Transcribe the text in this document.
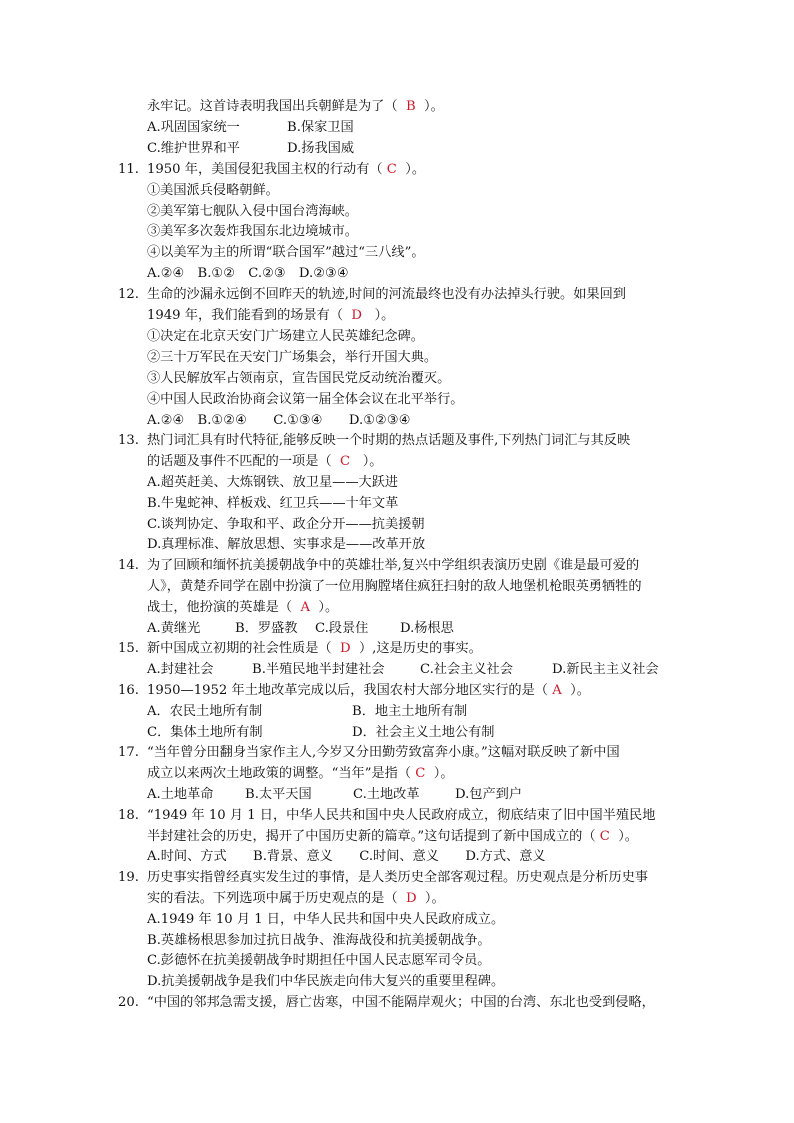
永牢记。这首诗表明我国出兵朝鲜是为了（ B ）。
A.巩固国家统一	B.保家卫国
C.维护世界和平	D.扬我国威
11. 1950 年，美国侵犯我国主权的行动有（ C ）。
①美国派兵侵略朝鲜。
②美军第七舰队入侵中国台湾海峡。
③美军多次轰炸我国东北边境城市。
④以美军为主的所谓“联合国军”越过“三八线”。
A.②④　B.①②　C.②③　D.②③④
12. 生命的沙漏永远倒不回昨天的轨迹,时间的河流最终也没有办法掉头行驶。如果回到
1949 年，我们能看到的场景有（ D ）。
①决定在北京天安门广场建立人民英雄纪念碑。
②三十万军民在天安门广场集会，举行开国大典。
③人民解放军占领南京，宣告国民党反动统治覆灭。
④中国人民政治协商会议第一届全体会议在北平举行。
A.②④　B.①②④　　C.①③④　　D.①②③④
13. 热门词汇具有时代特征,能够反映一个时期的热点话题及事件,下列热门词汇与其反映
的话题及事件不匹配的一项是（ C ）。
A.超英赶美、大炼钢铁、放卫星——大跃进
B.牛鬼蛇神、样板戏、红卫兵——十年文革
C.谈判协定、争取和平、政企分开——抗美援朝
D.真理标准、解放思想、实事求是——改革开放
14. 为了回顾和缅怀抗美援朝战争中的英雄壮举,复兴中学组织表演历史剧《谁是最可爱的
人》，黄楚乔同学在剧中扮演了一位用胸膛堵住疯狂扫射的敌人地堡机枪眼英勇牺牲的
战士，他扮演的英雄是（ A ）。
A.黄继光	B．罗盛教 C.段景住 D.杨根思
15. 新中国成立初期的社会性质是（ D ）,这是历史的事实。
A.封建社会	B.半殖民地半封建社会	C.社会主义社会	D.新民主主义社会
16. 1950—1952 年土地改革完成以后，我国农村大部分地区实行的是（ A ）。
A．农民土地所有制	B．地主土地所有制
C．集体土地所有制	D．社会主义土地公有制
17. “当年曾分田翻身当家作主人,今岁又分田勤劳致富奔小康。”这幅对联反映了新中国
成立以来两次土地政策的调整。“当年”是指（ C ）。
A.土地革命 B.太平天国	C.土地改革	D.包产到户
18. “1949 年 10 月 1 日，中华人民共和国中央人民政府成立，彻底结束了旧中国半殖民地
半封建社会的历史，揭开了中国历史新的篇章。”这句话提到了新中国成立的（ C ）。
A.时间、方式　　B.背景、意义　　C.时间、意义　　D.方式、意义
19. 历史事实指曾经真实发生过的事情，是人类历史全部客观过程。历史观点是分析历史事
实的看法。下列选项中属于历史观点的是（ D ）。
A.1949 年 10 月 1 日，中华人民共和国中央人民政府成立。
B.英雄杨根思参加过抗日战争、淮海战役和抗美援朝战争。
C.彭德怀在抗美援朝战争时期担任中国人民志愿军司令员。
D.抗美援朝战争是我们中华民族走向伟大复兴的重要里程碑。
20. “中国的邻邦急需支援，唇亡齿寒，中国不能隔岸观火；中国的台湾、东北也受到侵略，
